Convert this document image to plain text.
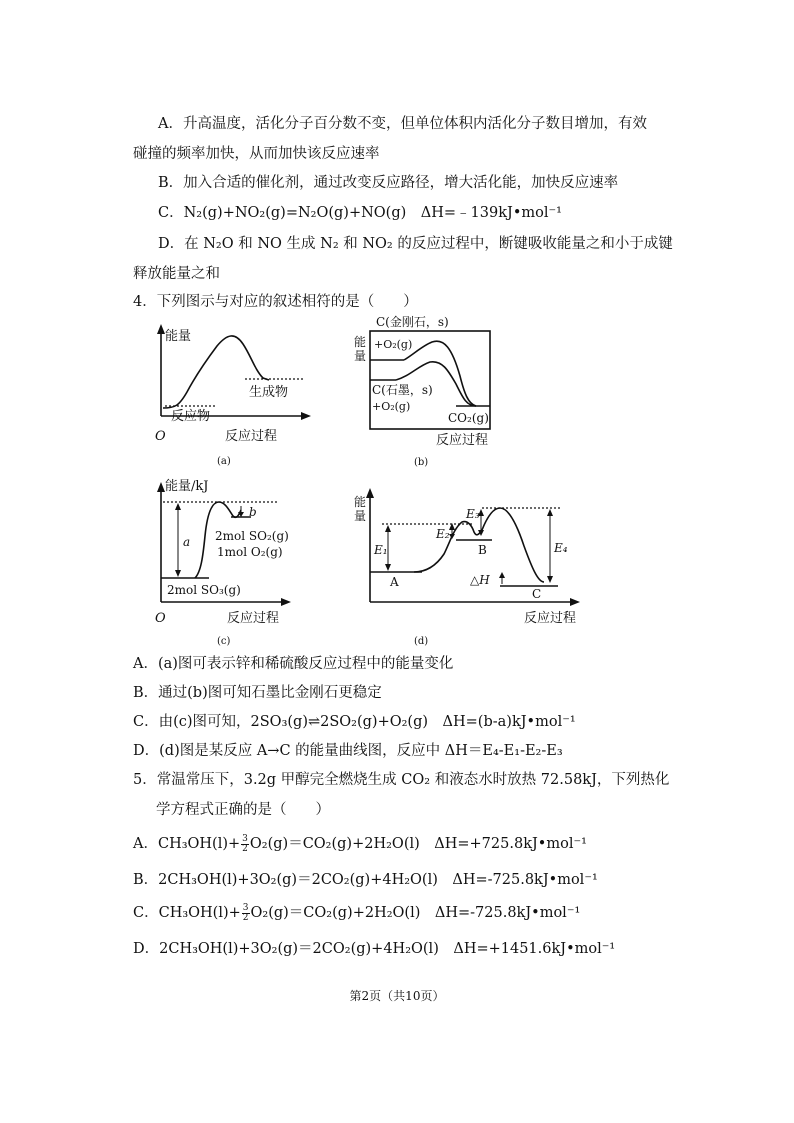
A．升高温度，活化分子百分数不变，但单位体积内活化分子数目增加，有效
碰撞的频率加快，从而加快该反应速率
B．加入合适的催化剂，通过改变反应路径，增大活化能，加快反应速率
C．N₂(g)+NO₂(g)=N₂O(g)+NO(g)　ΔH=﹣139kJ•mol⁻¹
D．在 N₂O 和 NO 生成 N₂ 和 NO₂ 的反应过程中，断键吸收能量之和小于成键
释放能量之和
4．下列图示与对应的叙述相符的是（　　）
能量
生成物
反应物
O	反应过程
(a)
C(金刚石，s)
+O₂(g)
能
量
C(石墨，s)
+O₂(g)
CO₂(g)
反应过程
(b)
能量/kJ
a
b
2mol SO₂(g)
1mol O₂(g)
2mol SO₃(g)
O	反应过程
(c)
能
量
E₁
E₂
E₃
E₄
A
B
C
△H
反应过程
(d)
A．(a)图可表示锌和稀硫酸反应过程中的能量变化
B．通过(b)图可知石墨比金刚石更稳定
C．由(c)图可知，2SO₃(g)⇌2SO₂(g)+O₂(g)　ΔH=(b-a)kJ•mol⁻¹
D．(d)图是某反应 A→C 的能量曲线图，反应中 ΔH＝E₄-E₁-E₂-E₃
5．常温常压下，3.2g 甲醇完全燃烧生成 CO₂ 和液态水时放热 72.58kJ，下列热化
学方程式正确的是（　　）
A．$CH_3OH(l)+ \frac{3}{2} O_2(g)=CO_2(g)+2H_2O(l)$　ΔH=+725.8kJ•mol⁻¹
B．2CH₃OH(l)+3O₂(g)＝2CO₂(g)+4H₂O(l)　ΔH=-725.8kJ•mol⁻¹
C．$CH_3OH(l)+ \frac{3}{2} O_2(g)=CO_2(g)+2H_2O(l)$　ΔH=-725.8kJ•mol⁻¹
D．2CH₃OH(l)+3O₂(g)＝2CO₂(g)+4H₂O(l)　ΔH=+1451.6kJ•mol⁻¹
第2页（共10页）
